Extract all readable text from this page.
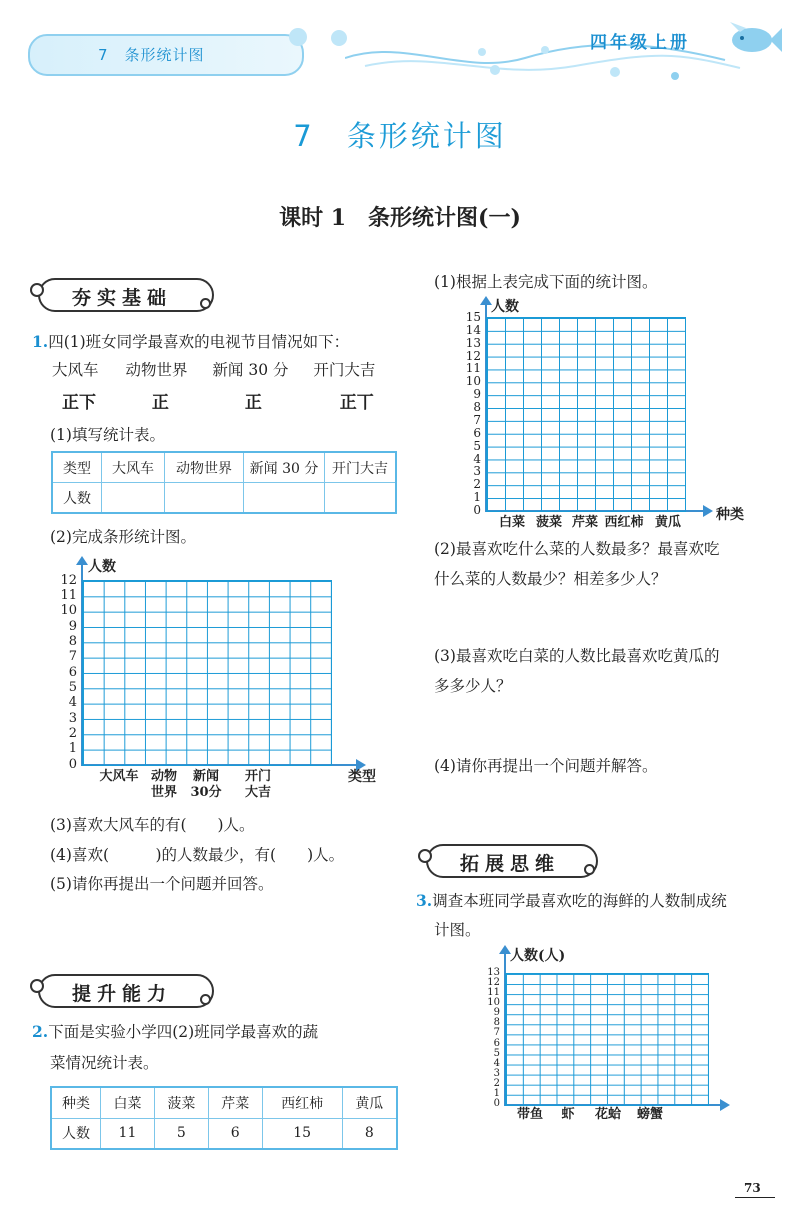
7　条形统计图
四年级上册
7　条形统计图
课时 1　条形统计图(一)
夯实基础
1.四(1)班女同学最喜欢的电视节目情况如下：
大风车 动物世界 新闻 30 分 开门大吉
正下	正	正	正丅
(1)填写统计表。
类型	大风车	动物世界	新闻 30 分	开门大吉
人数				
(2)完成条形统计图。
人数
类型
大风车 动物
世界
新闻
30分
开门
大吉
(3)喜欢大风车的有(　　)人。
(4)喜欢(　　　)的人数最少，有(　　)人。
(5)请你再提出一个问题并回答。
提升能力
2.下面是实验小学四(2)班同学最喜欢的蔬
菜情况统计表。
种类	白菜	菠菜	芹菜	西红柿	黄瓜
人数	11	5	6	15	8
(1)根据上表完成下面的统计图。
人数
种类
白菜 菠菜 芹菜 西红柿 黄瓜
(2)最喜欢吃什么菜的人数最多？最喜欢吃
什么菜的人数最少？相差多少人？
(3)最喜欢吃白菜的人数比最喜欢吃黄瓜的
多多少人？
(4)请你再提出一个问题并解答。
拓展思维
3.调查本班同学最喜欢吃的海鲜的人数制成统
计图。
人数(人)
带鱼	虾	花蛤	螃蟹
73
0
1
2
3
4
5
6
7
8
9
10
11
12
0
1
2
3
4
5
6
7
8
9
10
11
12
13
14
15
0
1
2
3
4
5
6
7
8
9
10
11
12
13
